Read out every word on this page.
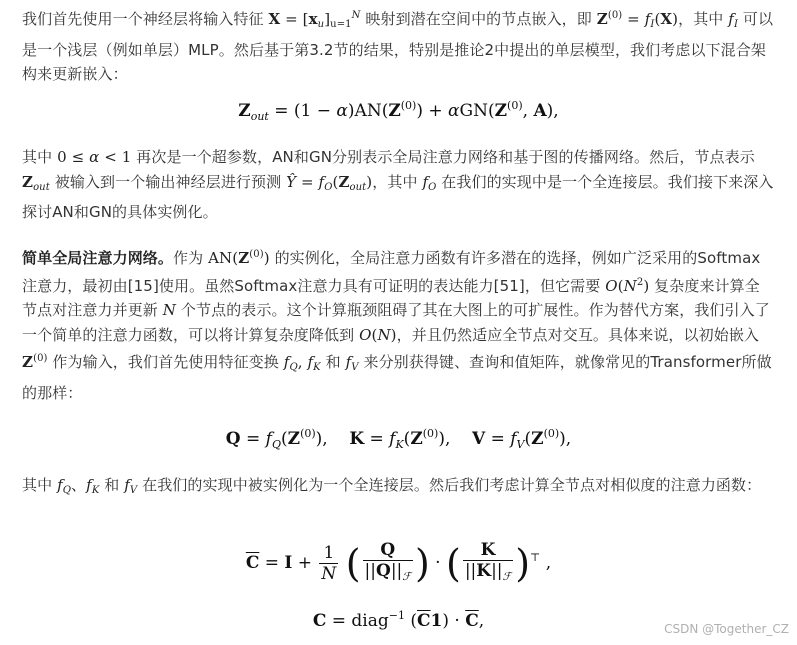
我们首先使用一个神经层将输入特征 $X = [x_u]_{u=1}^N$ 映射到潜在空间中的节点嵌入，即 $Z^{(0)} = f_I(X)$，其中 $f_I$ 可以是一个浅层（例如单层）MLP。然后基于第3.2节的结果，特别是推论2中提出的单层模型，我们考虑以下混合架构来更新嵌入：

$Z_{out} = (1 - \alpha)AN(Z^{(0)}) + \alpha GN(Z^{(0)}$, A),

其中 0 ≤ α < 1 再次是一个超参数，AN和GN分别表示全局注意力网络和基于图的传播网络。然后，节点表示 $Z_{out}$ 被输入到一个输出神经层进行预测 Ŷ = $f_O(Z_{out})$，其中 $f_O$ 在我们的实现中是一个全连接层。我们接下来深入探讨AN和GN的具体实例化。

简单全局注意力网络。作为 $AN(Z^{(0)})$ 的实例化，全局注意力函数有许多潜在的选择，例如广泛采用的Softmax注意力，最初由[15]使用。虽然Softmax注意力具有可证明的表达能力[51]，但它需要 $O(N^2)$ 复杂度来计算全节点对注意力并更新 N 个节点的表示。这个计算瓶颈阻碍了其在大图上的可扩展性。作为替代方案，我们引入了一个简单的注意力函数，可以将计算复杂度降低到 O(N)，并且仍然适应全节点对交互。具体来说，以初始嵌入 $Z^{(0)}$ 作为输入，我们首先使用特征变换 $f_Q$, $f_K$ 和 $f_V$ 来分别获得键、查询和值矩阵，就像常见的Transformer所做的那样：

$Q = f_Q(Z^{(0)})$,    $K = f_K(Z^{(0)})$,    $V = f_V(Z^{(0)})$,

其中 $f_Q$、$f_K$ 和 $f_V$ 在我们的实现中被实例化为一个全连接层。然后我们考虑计算全节点对相似度的注意力函数：

$\overline{C} = I + \frac{1}{N}$ ( $\frac{Q}{||Q||_ℱ}$ ) · ( $\frac{K}{||K||_ℱ} )^⊤$ ,
C = diag$^{-1}$ $(\overline{C}1) \cdot \overline{C}$,	CSDN @Together_CZ
